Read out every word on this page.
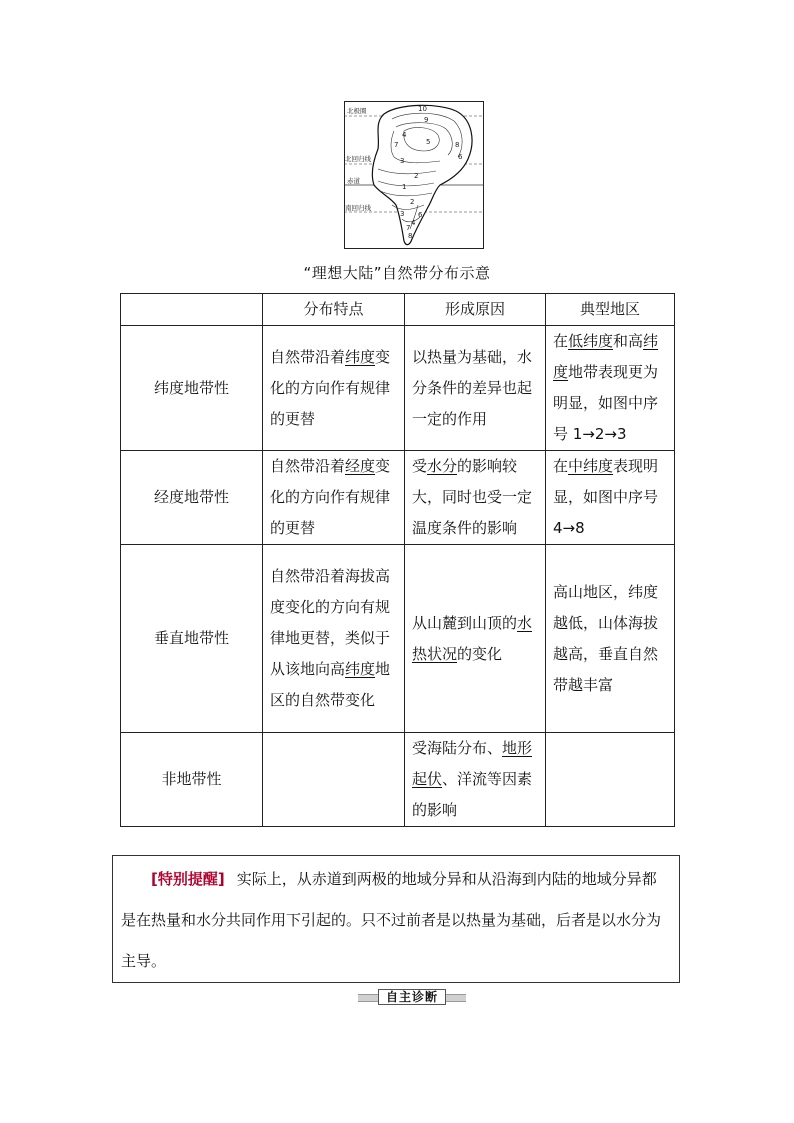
北极圈
北回归线
赤道
南回归线
10
9
8
4
5
7
3	6
2
1
2
3
4
6
7
8
“理想大陆”自然带分布示意
	分布特点	形成原因	典型地区
纬度地带性	自然带沿着纬度变化的方向作有规律的更替	以热量为基础，水分条件的差异也起一定的作用	在低纬度和高纬度地带表现更为明显，如图中序号 1→2→3
经度地带性	自然带沿着经度变化的方向作有规律的更替	受水分的影响较大，同时也受一定温度条件的影响	在中纬度表现明显，如图中序号 4→8
垂直地带性	自然带沿着海拔高度变化的方向有规律地更替，类似于从该地向高纬度地区的自然带变化	从山麓到山顶的水热状况的变化	高山地区，纬度越低，山体海拔越高，垂直自然带越丰富
非地带性		受海陆分布、地形起伏、洋流等因素的影响	
[特别提醒] 实际上，从赤道到两极的地域分异和从沿海到内陆的地域分异都是在热量和水分共同作用下引起的。只不过前者是以热量为基础，后者是以水分为主导。
自主诊断
